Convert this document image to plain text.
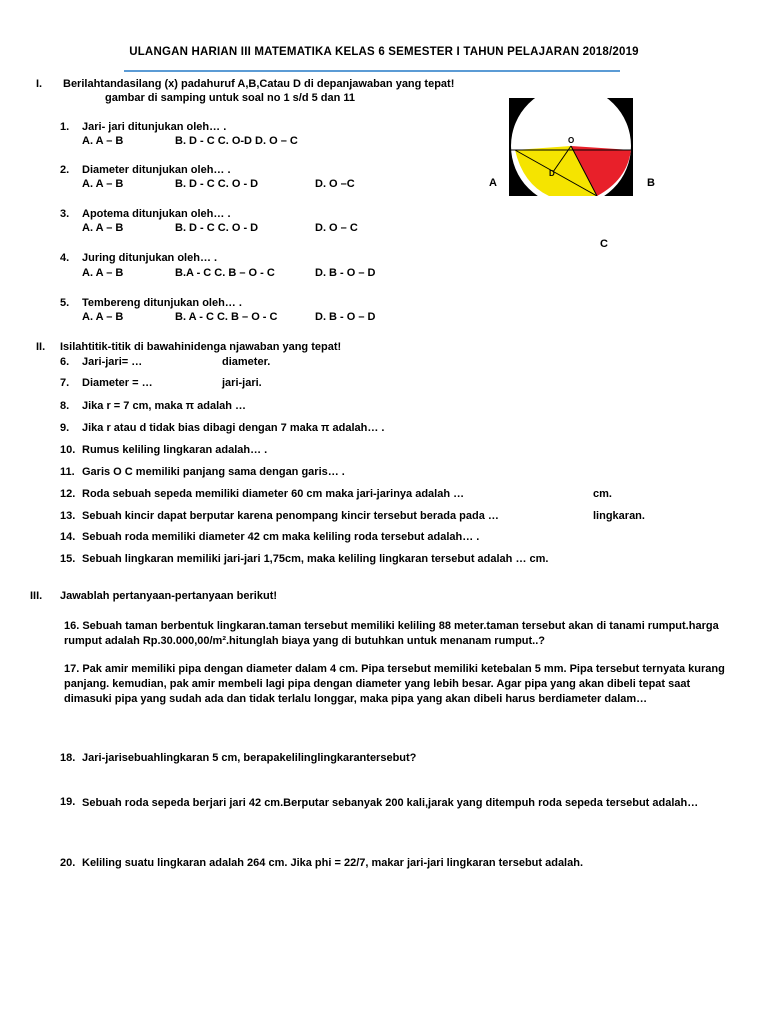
ULANGAN HARIAN III MATEMATIKA KELAS 6 SEMESTER I TAHUN PELAJARAN 2018/2019
I. Berilahtandasilang (x) padahuruf A,B,Catau D di depanjawaban yang tepat!
gambar di samping untuk soal no 1 s/d 5 dan 11
1. Jari- jari ditunjukan oleh… .
A. A – B	B. D - C C. O-D D. O – C
2. Diameter ditunjukan oleh… .
A. A – B	B. D - C C. O - D	D. O –C
3. Apotema ditunjukan oleh… .
A. A – B	B. D - C C. O - D	D. O – C
4. Juring ditunjukan oleh… .
A. A – B	B.A - C C. B – O - C	D. B - O – D
5. Tembereng ditunjukan oleh… .
A. A – B	B. A - C C. B – O - C	D. B - O – D
O
D
A	B
C
II. Isilahtitik-titik di bawahinidenga njawaban yang tepat!
6. Jari-jari= …	diameter.
7. Diameter = …	jari-jari.
8. Jika r = 7 cm, maka π adalah …
9. Jika r atau d tidak bias dibagi dengan 7 maka π adalah… .
10. Rumus keliling lingkaran adalah… .
11. Garis O C memiliki panjang sama dengan garis… .
12. Roda sebuah sepeda memiliki diameter 60 cm maka jari-jarinya adalah …	cm.
13. Sebuah kincir dapat berputar karena penompang kincir tersebut berada pada …	lingkaran.
14. Sebuah roda memiliki diameter 42 cm maka keliling roda tersebut adalah… .
15. Sebuah lingkaran memiliki jari-jari 1,75cm, maka keliling lingkaran tersebut adalah … cm.
III. Jawablah pertanyaan-pertanyaan berikut!
16. Sebuah taman berbentuk lingkaran.taman tersebut memiliki keliling 88 meter.taman tersebut akan di tanami rumput.harga rumput adalah Rp.30.000,00/m².hitunglah biaya yang di butuhkan untuk menanam rumput..?
17. Pak amir memiliki pipa dengan diameter dalam 4 cm. Pipa tersebut memiliki ketebalan 5 mm. Pipa tersebut ternyata kurang panjang. kemudian, pak amir membeli lagi pipa dengan diameter yang lebih besar. Agar pipa yang akan dibeli tepat saat dimasuki pipa yang sudah ada dan tidak terlalu longgar, maka pipa yang akan dibeli harus berdiameter dalam…
18. Jari-jarisebuahlingkaran 5 cm, berapakelilinglingkarantersebut?
19. Sebuah roda sepeda berjari jari 42 cm.Berputar sebanyak 200 kali,jarak yang ditempuh roda sepeda tersebut adalah…
20. Keliling suatu lingkaran adalah 264 cm. Jika phi = 22/7, makar jari-jari lingkaran tersebut adalah.
